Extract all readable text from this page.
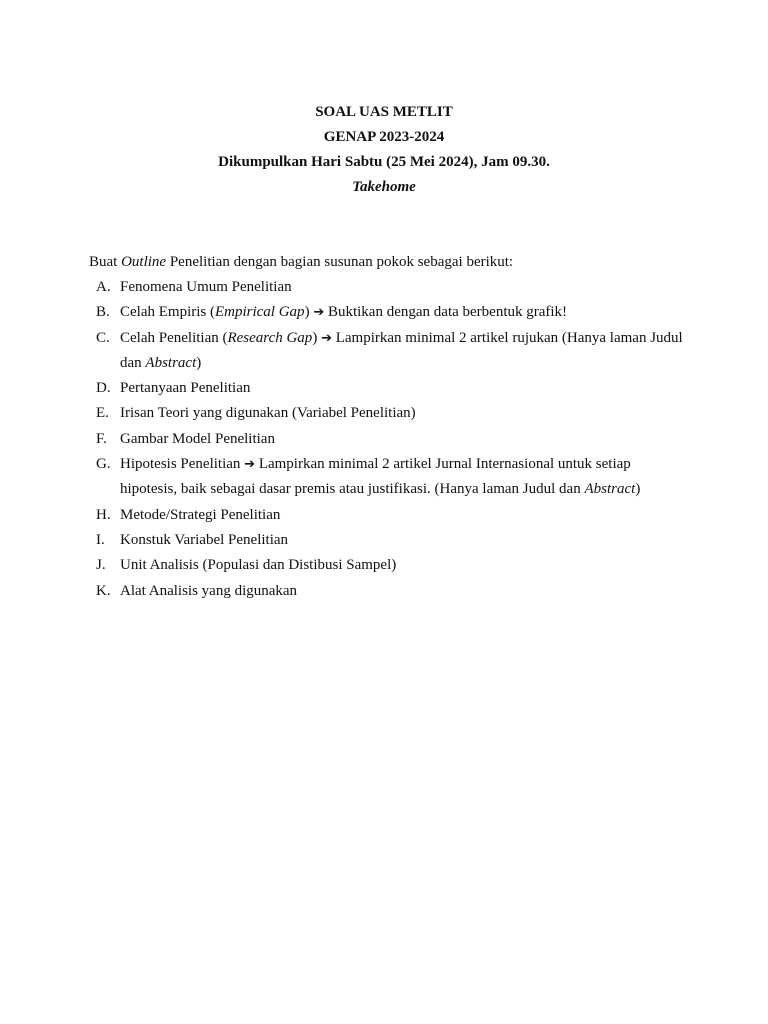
SOAL UAS METLIT
GENAP 2023-2024
Dikumpulkan Hari Sabtu (25 Mei 2024), Jam 09.30.
Takehome
Buat Outline Penelitian dengan bagian susunan pokok sebagai berikut:
A. Fenomena Umum Penelitian
B. Celah Empiris (Empirical Gap) ➔ Buktikan dengan data berbentuk grafik!
C. Celah Penelitian (Research Gap) ➔ Lampirkan minimal 2 artikel rujukan (Hanya laman Judul dan Abstract)
D. Pertanyaan Penelitian
E. Irisan Teori yang digunakan (Variabel Penelitian)
F. Gambar Model Penelitian
G. Hipotesis Penelitian ➔ Lampirkan minimal 2 artikel Jurnal Internasional untuk setiap hipotesis, baik sebagai dasar premis atau justifikasi. (Hanya laman Judul dan Abstract)
H. Metode/Strategi Penelitian
I. Konstuk Variabel Penelitian
J. Unit Analisis (Populasi dan Distibusi Sampel)
K. Alat Analisis yang digunakan
